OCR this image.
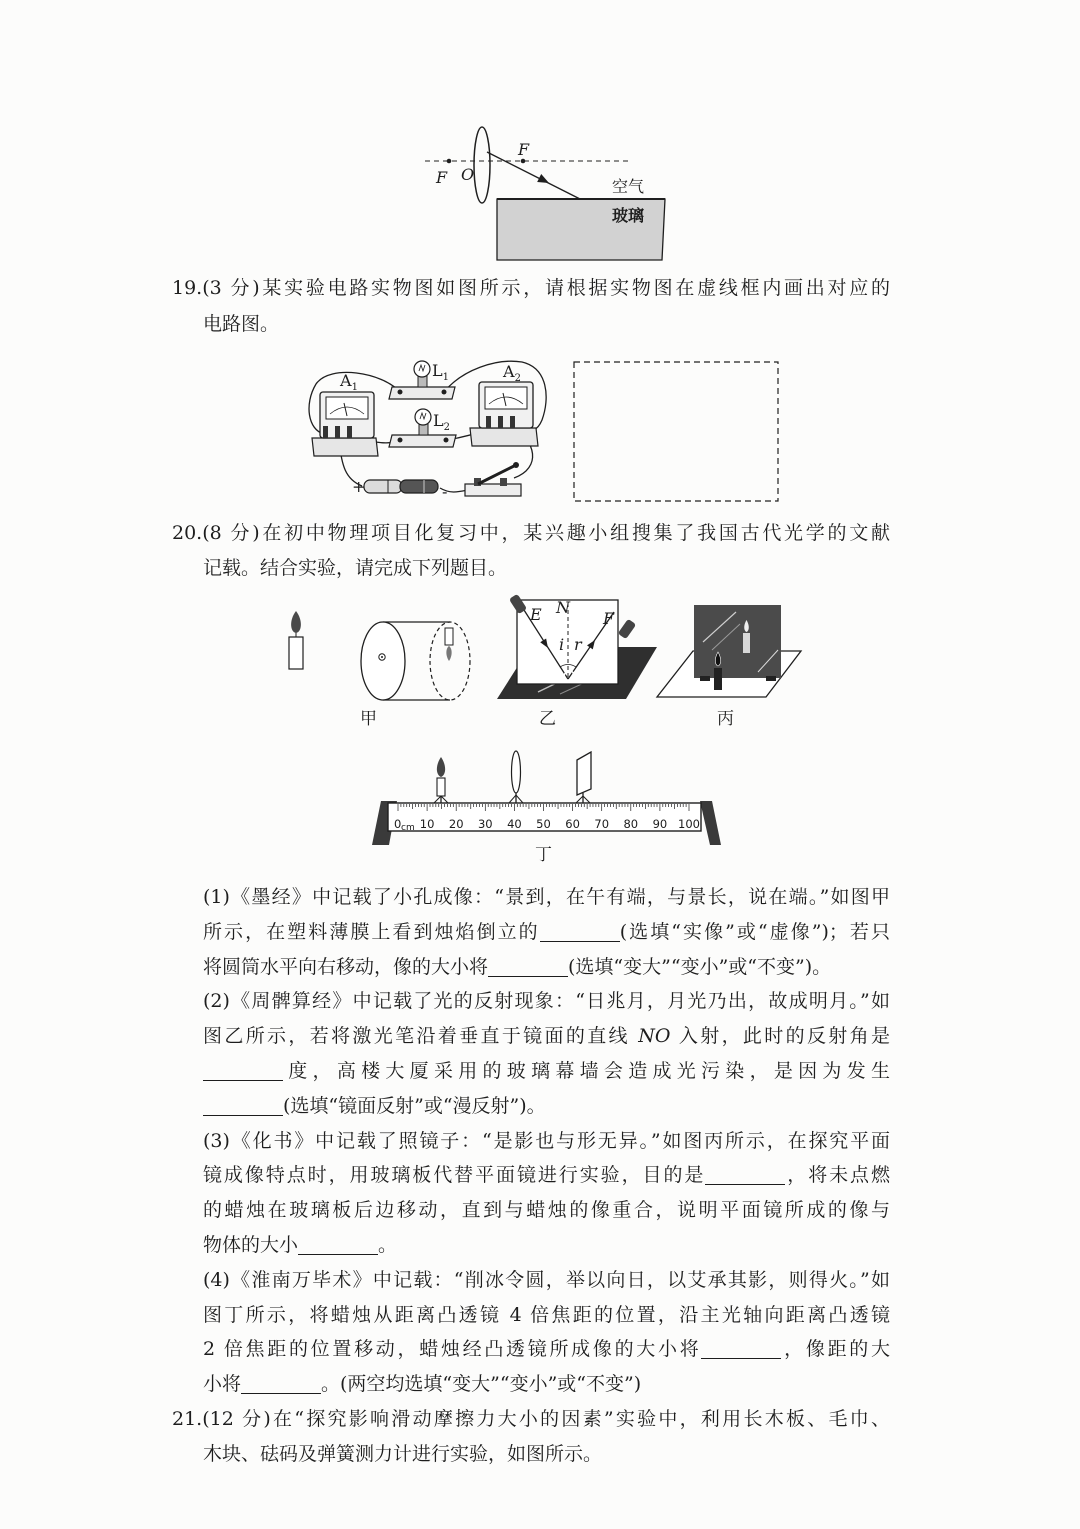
F O
F
空气
玻璃
$A_1$
$L_1$
$L_2$
$A_2$
+	-
甲
E N
F
i r
O
乙	丙
0 10 20 30 40 50 60 70 80 90 100
cm
丁
19.(3 分)某实验电路实物图如图所示，请根据实物图在虚线框内画出对应的
电路图。
20.(8 分)在初中物理项目化复习中，某兴趣小组搜集了我国古代光学的文献
记载。结合实验，请完成下列题目。
(1)《墨经》中记载了小孔成像：“景到，在午有端，与景长，说在端。”如图甲
所示，在塑料薄膜上看到烛焰倒立的	(选填“实像”或“虚像”)；若只
将圆筒水平向右移动，像的大小将	(选填“变大”“变小”或“不变”)。
(2)《周髀算经》中记载了光的反射现象：“日兆月，月光乃出，故成明月。”如
图乙所示，若将激光笔沿着垂直于镜面的直线 NO 入射，此时的反射角是
度，高楼大厦采用的玻璃幕墙会造成光污染，是因为发生
(选填“镜面反射”或“漫反射”)。
(3)《化书》中记载了照镜子：“是影也与形无异。”如图丙所示，在探究平面
镜成像特点时，用玻璃板代替平面镜进行实验，目的是	，将未点燃
的蜡烛在玻璃板后边移动，直到与蜡烛的像重合，说明平面镜所成的像与
物体的大小	。
(4)《淮南万毕术》中记载：“削冰令圆，举以向日，以艾承其影，则得火。”如
图丁所示，将蜡烛从距离凸透镜 4 倍焦距的位置，沿主光轴向距离凸透镜
2 倍焦距的位置移动，蜡烛经凸透镜所成像的大小将	，像距的大
小将	。(两空均选填“变大”“变小”或“不变”)
21.(12 分)在“探究影响滑动摩擦力大小的因素”实验中，利用长木板、毛巾、
木块、砝码及弹簧测力计进行实验，如图所示。
